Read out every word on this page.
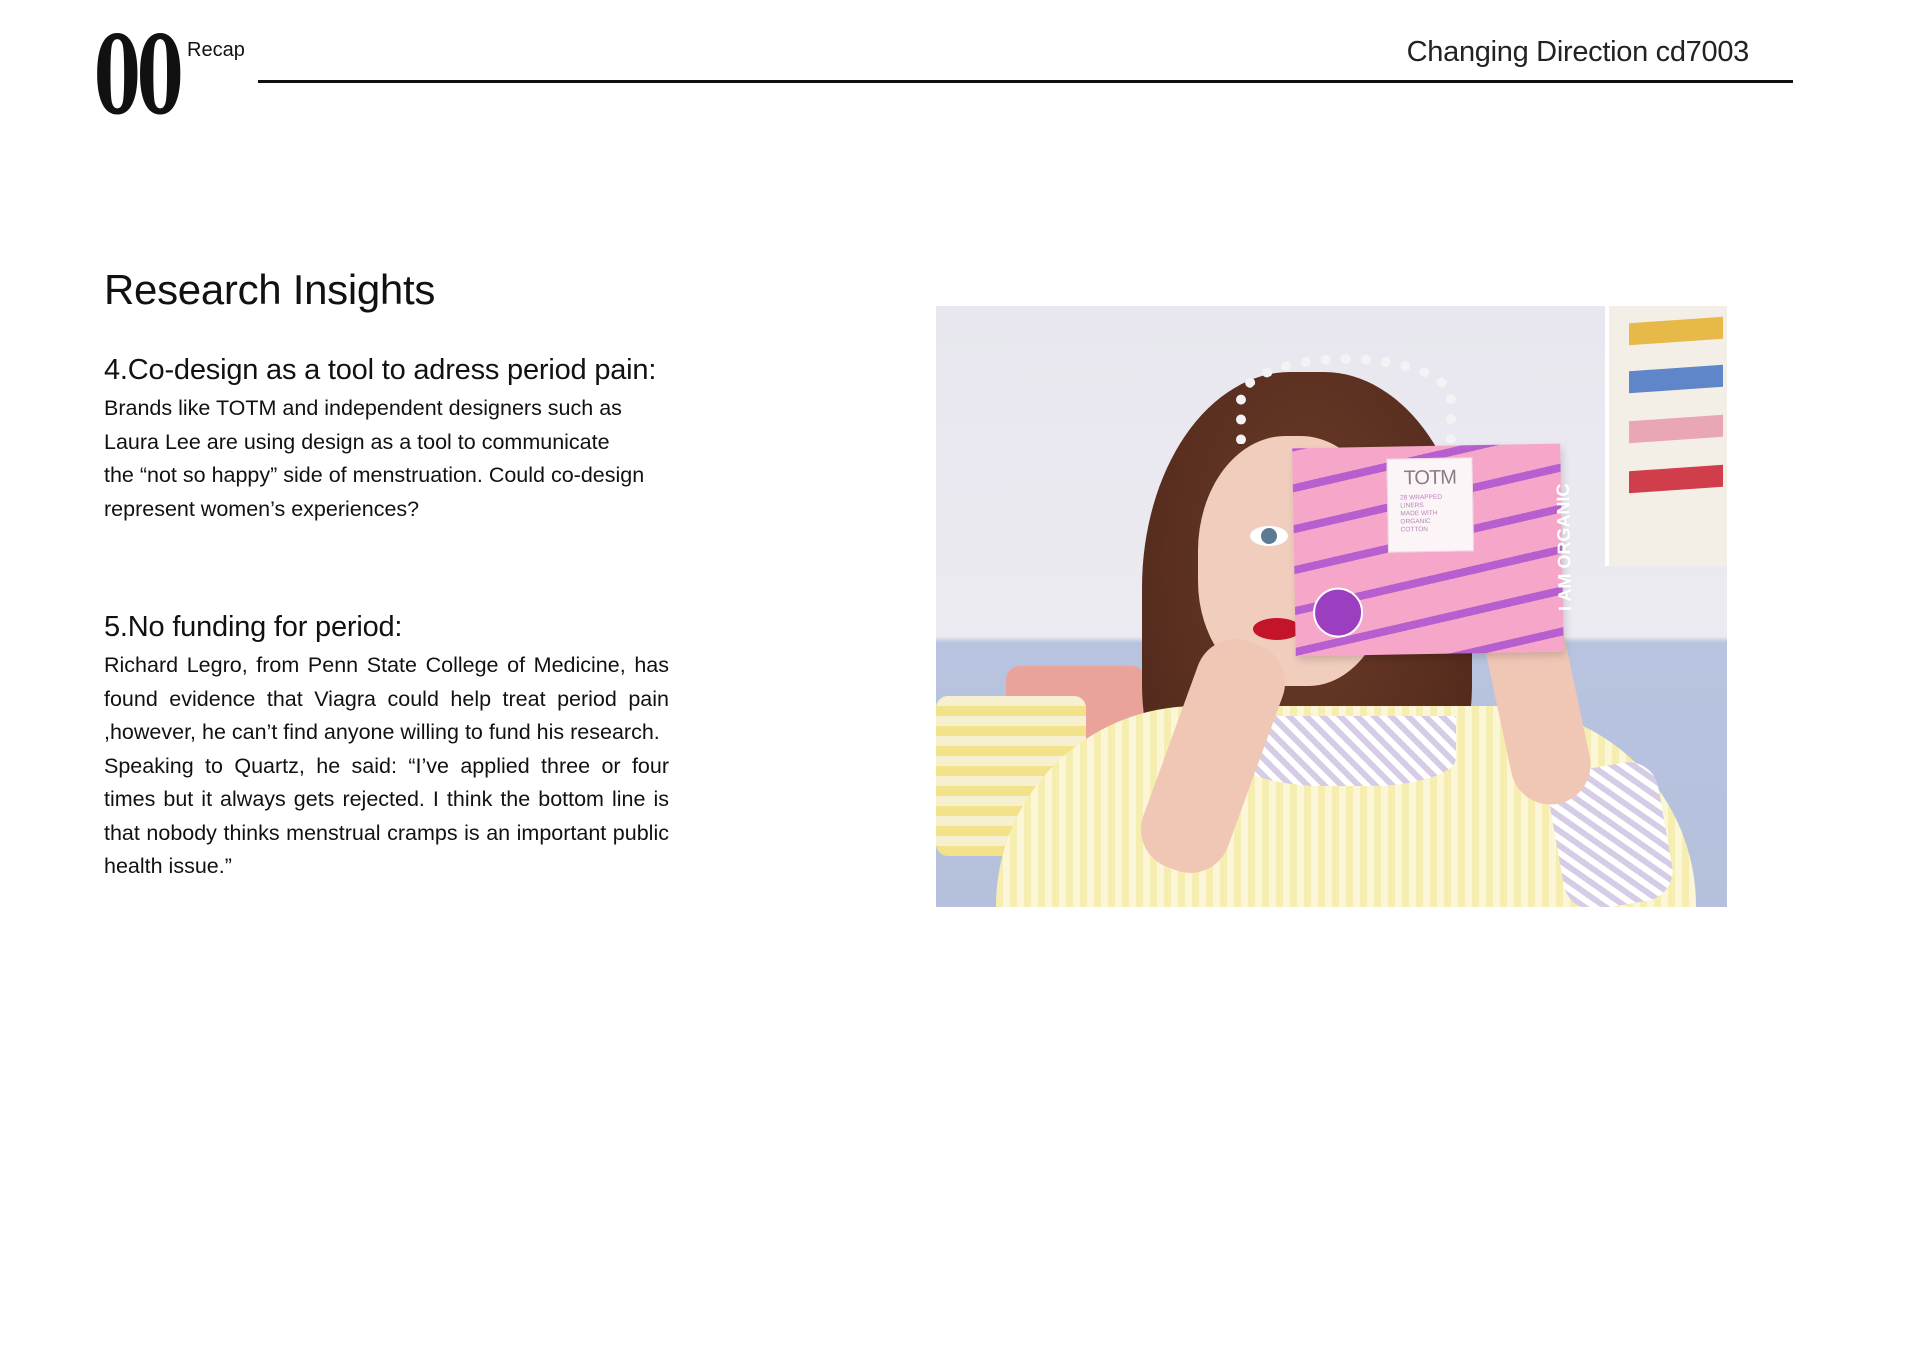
00 Recap	Changing Direction cd7003
Research Insights
4.Co-design as a tool to adress period pain:

Brands like TOTM and independent designers such as
Laura Lee are using design as a tool to communicate
the “not so happy” side of menstruation. Could co-design
represent women’s experiences?

5.No funding for period:

Richard Legro, from Penn State College of Medicine, has found evidence that Viagra could help treat period pain ,however, he can’t find anyone willing to fund his research.

Speaking to Quartz, he said: “I’ve applied three or four times but it always gets rejected. I think the bottom line is that nobody thinks menstrual cramps is an important public health issue.”

TOTM
28 WRAPPED
LINERS
MADE WITH
ORGANIC
COTTON	I AM ORGANIC
